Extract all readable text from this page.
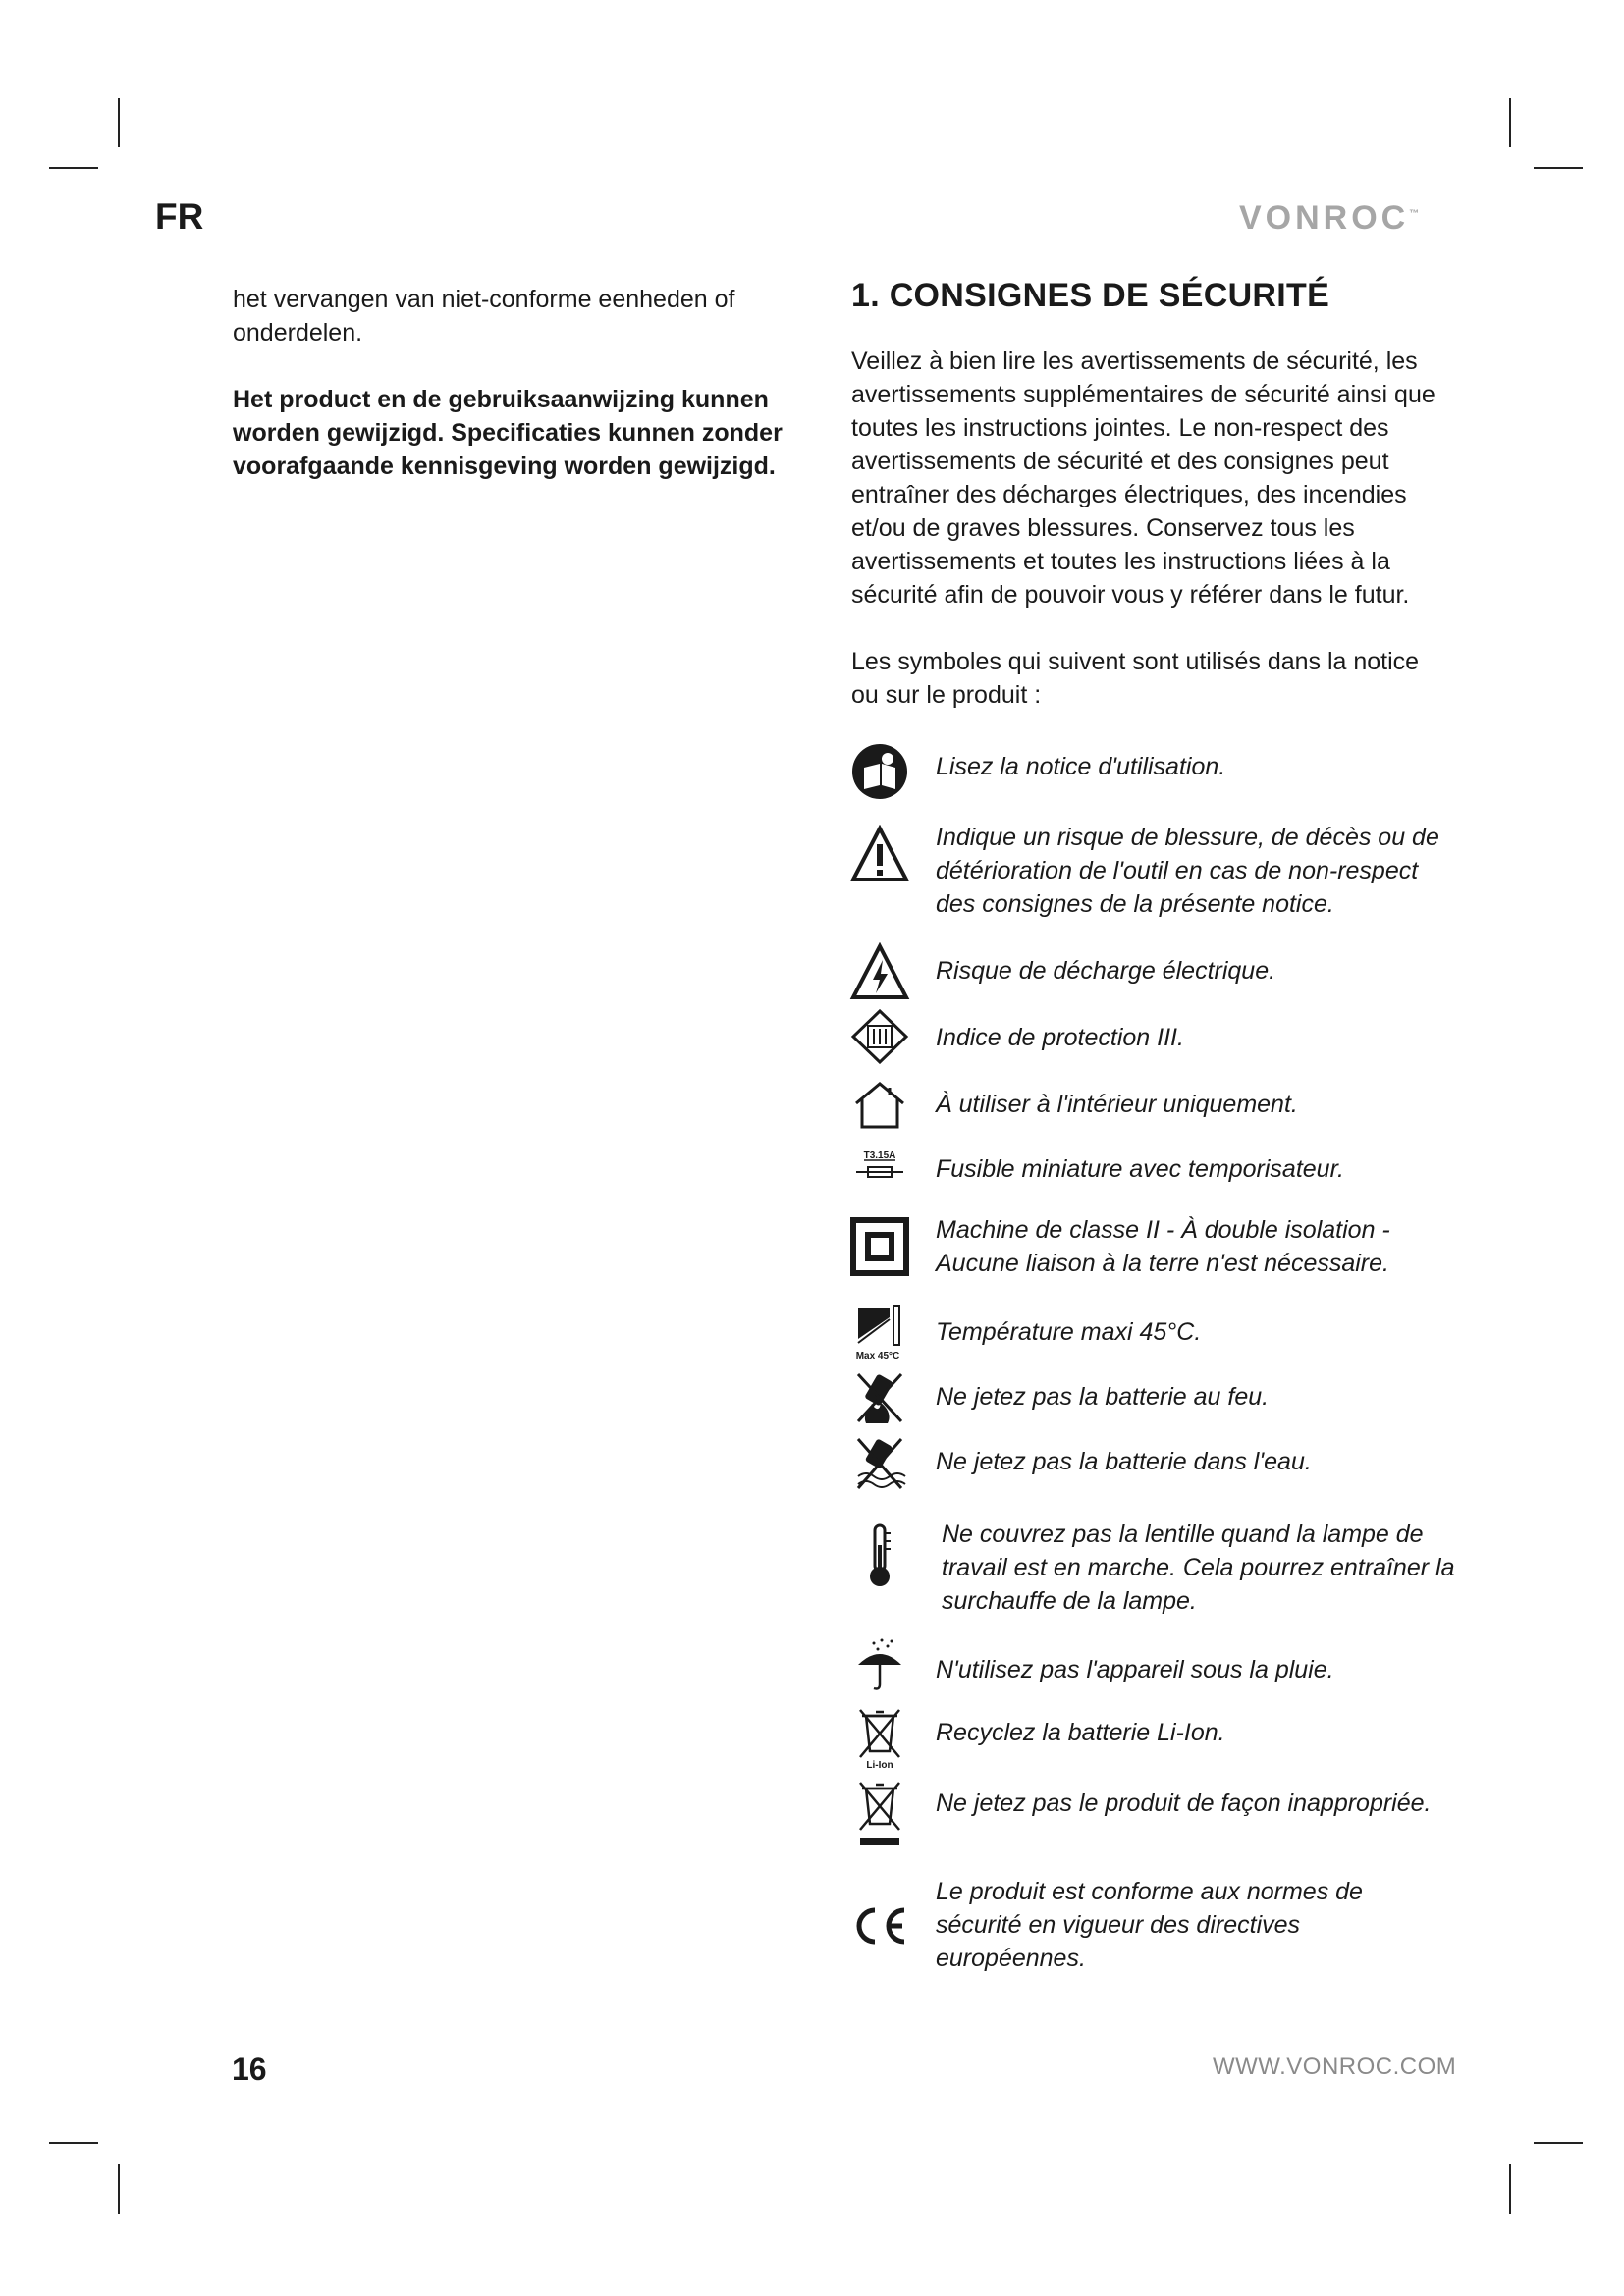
FR	VONROC™

het vervangen van niet-conforme eenheden of onderdelen.

Het product en de gebruiksaanwijzing kunnen worden gewijzigd. Specificaties kunnen zonder voorafgaande kennisgeving worden gewijzigd.

1. CONSIGNES DE SÉCURITÉ

Veillez à bien lire les avertissements de sécurité, les avertissements supplémentaires de sécurité ainsi que toutes les instructions jointes. Le non-respect des avertissements de sécurité et des consignes peut entraîner des décharges électriques, des incendies et/ou de graves blessures. Conservez tous les avertissements et toutes les instructions liées à la sécurité afin de pouvoir vous y référer dans le futur.

Les symboles qui suivent sont utilisés dans la notice ou sur le produit :

Lisez la notice d'utilisation.
Indique un risque de blessure, de décès ou de détérioration de l'outil en cas de non-respect des consignes de la présente notice.
Risque de décharge électrique.
Indice de protection III.
À utiliser à l'intérieur uniquement.
T3.15A Fusible miniature avec temporisateur.
Machine de classe II - À double isolation - Aucune liaison à la terre n'est nécessaire.
Max 45°C
Température maxi 45°C.
Ne jetez pas la batterie au feu.
Ne jetez pas la batterie dans l'eau.
Ne couvrez pas la lentille quand la lampe de travail est en marche. Cela pourrez entraîner la surchauffe de la lampe.
N'utilisez pas l'appareil sous la pluie.
Li-Ion
Recyclez la batterie Li-Ion.
Ne jetez pas le produit de façon inappropriée.
Le produit est conforme aux normes de sécurité en vigueur des directives européennes.
16	WWW.VONROC.COM
